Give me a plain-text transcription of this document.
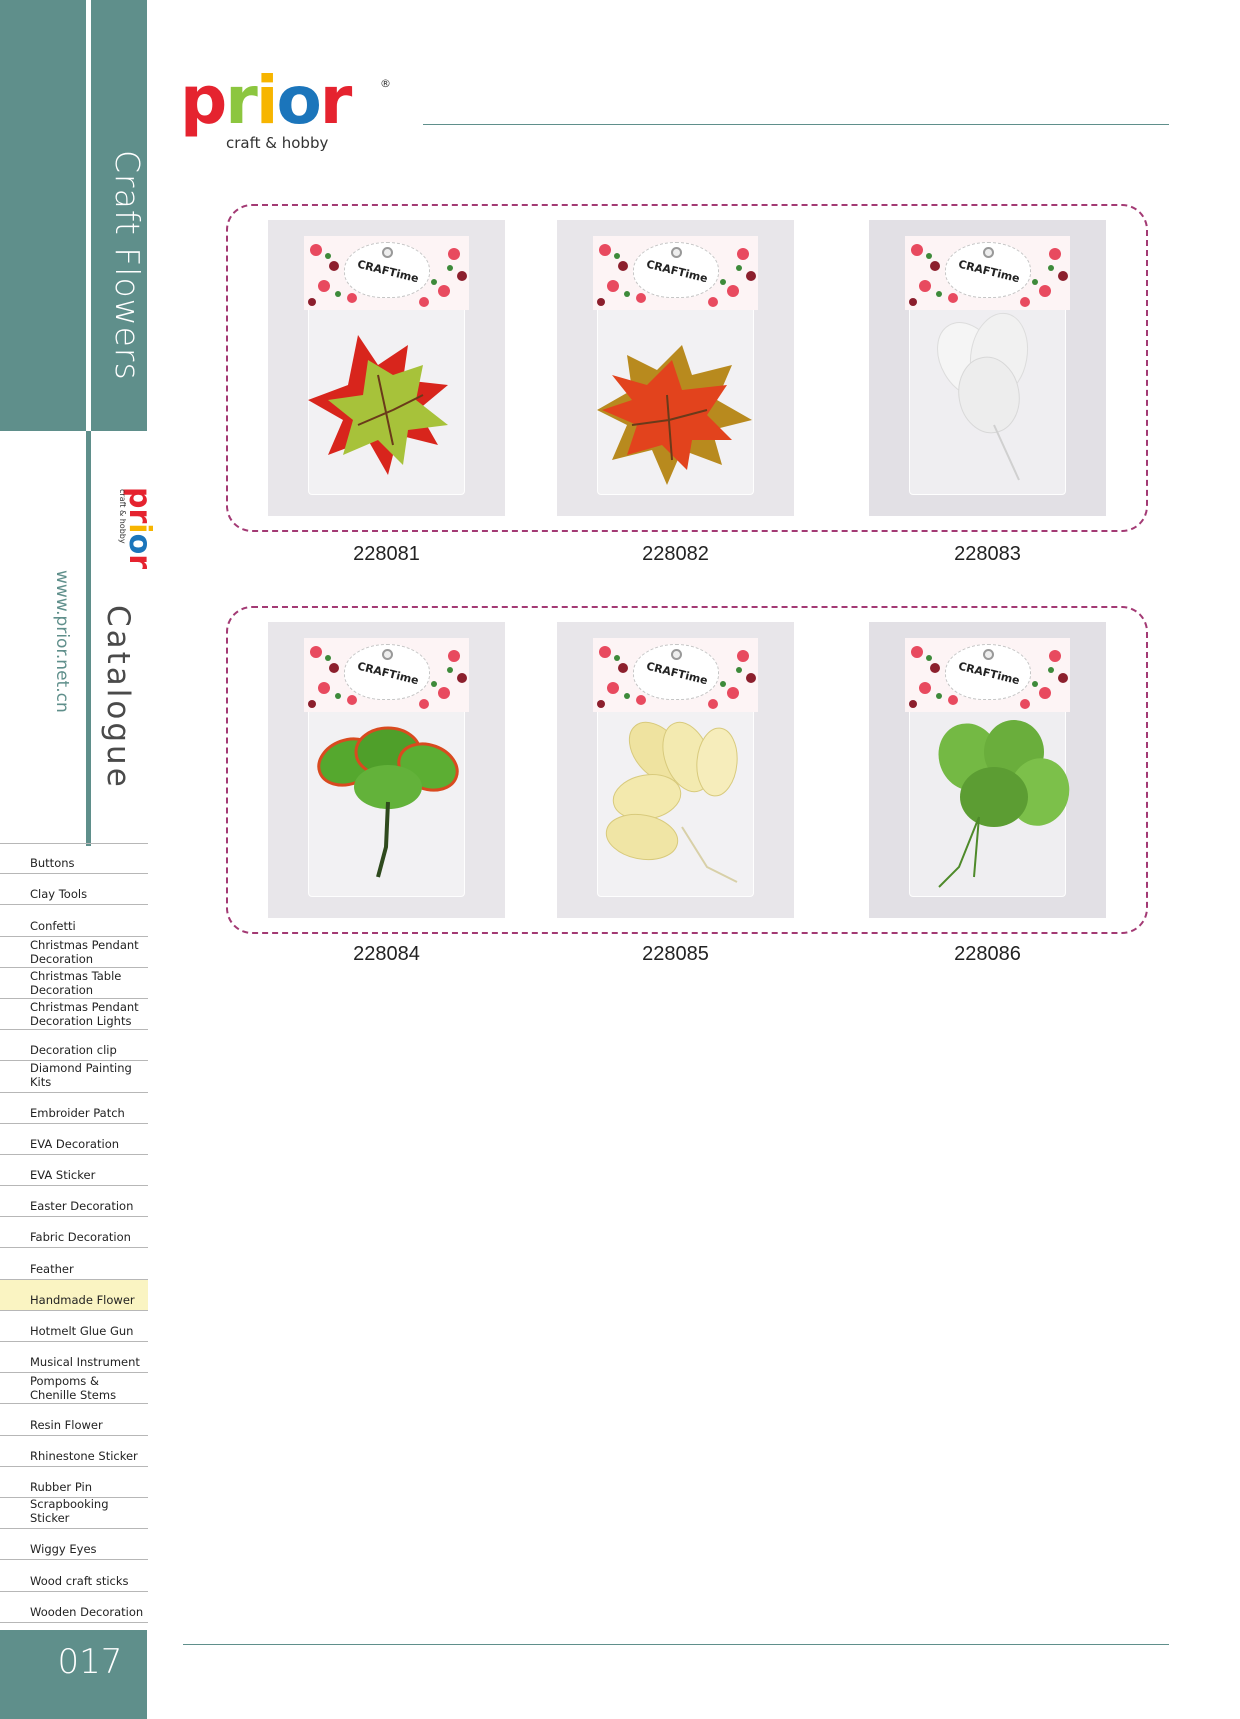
Craft Flowers
www.prior.net.cn
prior
craft & hobby
Catalogue
Buttons
Clay Tools
Confetti
Christmas Pendant Decoration
Christmas Table Decoration
Christmas Pendant Decoration Lights
Decoration clip
Diamond Painting Kits
Embroider Patch
EVA Decoration
EVA Sticker
Easter Decoration
Fabric Decoration
Feather
Handmade Flower
Hotmelt Glue Gun
Musical Instrument
Pompoms & Chenille Stems
Resin Flower
Rhinestone Sticker
Rubber Pin
Scrapbooking Sticker
Wiggy Eyes
Wood craft sticks
Wooden Decoration
017
prior	®
craft & hobby
CRAFTime
228081
CRAFTime
228082
CRAFTime
228083
CRAFTime
228084
CRAFTime
228085
CRAFTime
228086
